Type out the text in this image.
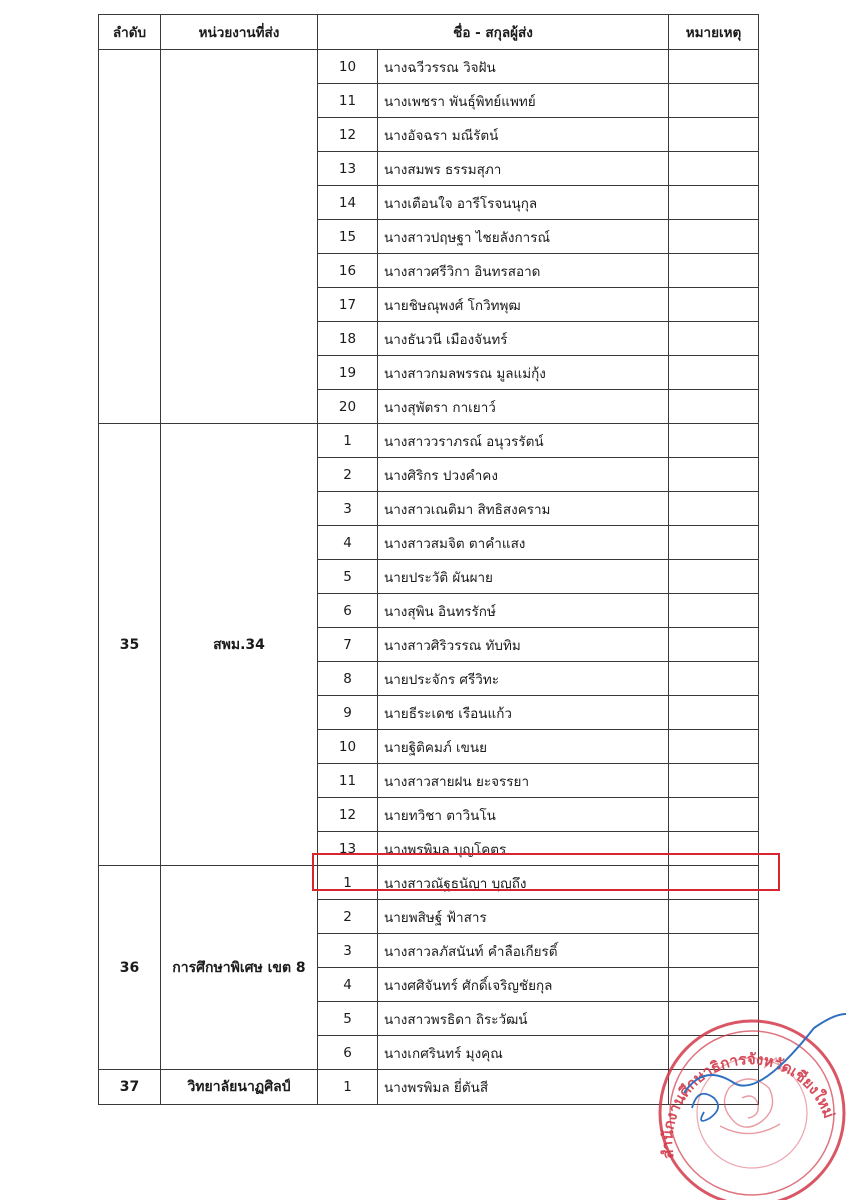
ลำดับ	หน่วยงานที่ส่ง	ชื่อ - สกุลผู้ส่ง		หมายเหตุ
		10	นางฉวีวรรณ วิจฝัน	
		11	นางเพชรา พันธุ์พิทย์แพทย์	
		12	นางอัจฉรา มณีรัตน์	
		13	นางสมพร ธรรมสุภา	
		14	นางเตือนใจ อารีโรจนนุกุล	
		15	นางสาวปฤษฐา ไชยลังการณ์	
		16	นางสาวศรีวิกา อินทรสอาด	
		17	นายชิษณุพงศ์ โกวิทพุฒ	
		18	นางธันวนี เมืองจันทร์	
		19	นางสาวกมลพรรณ มูลแม่กุ้ง	
		20	นางสุพัตรา กาเยาว์	
35	สพม.34	1	นางสาววราภรณ์ อนุวรรัตน์	
		2	นางศิริกร ปวงคำคง	
		3	นางสาวเณติมา สิทธิสงคราม	
		4	นางสาวสมจิต ตาคำแสง	
		5	นายประวัติ ผันผาย	
		6	นางสุพิน อินทรรักษ์	
		7	นางสาวศิริวรรณ ทับทิม	
		8	นายประจักร ศรีวิทะ	
		9	นายธีระเดช เรือนแก้ว	
		10	นายฐิติคมภ์ เขนย	
		11	นางสาวสายฝน ยะจรรยา	
		12	นายทวิชา ตาวินโน	
		13	นางพรพิมล บุญโคตร	
36	การศึกษาพิเศษ เขต 8	1	นางสาวณัฐธนัญา บุญถึง	
		2	นายพสิษฐ์ ฟ้าสาร	
		3	นางสาวลภัสนันท์ คำลือเกียรติ์	
		4	นางศศิจันทร์ ศักดิ์เจริญชัยกุล	
		5	นางสาวพรธิดา ถิระวัฒน์	
		6	นางเกศรินทร์ มุงคุณ	
37	วิทยาลัยนาฏศิลป์	1	นางพรพิมล ยี่ตันสี	
สำนักงานศึกษาธิการจังหวัดเชียงใหม่
